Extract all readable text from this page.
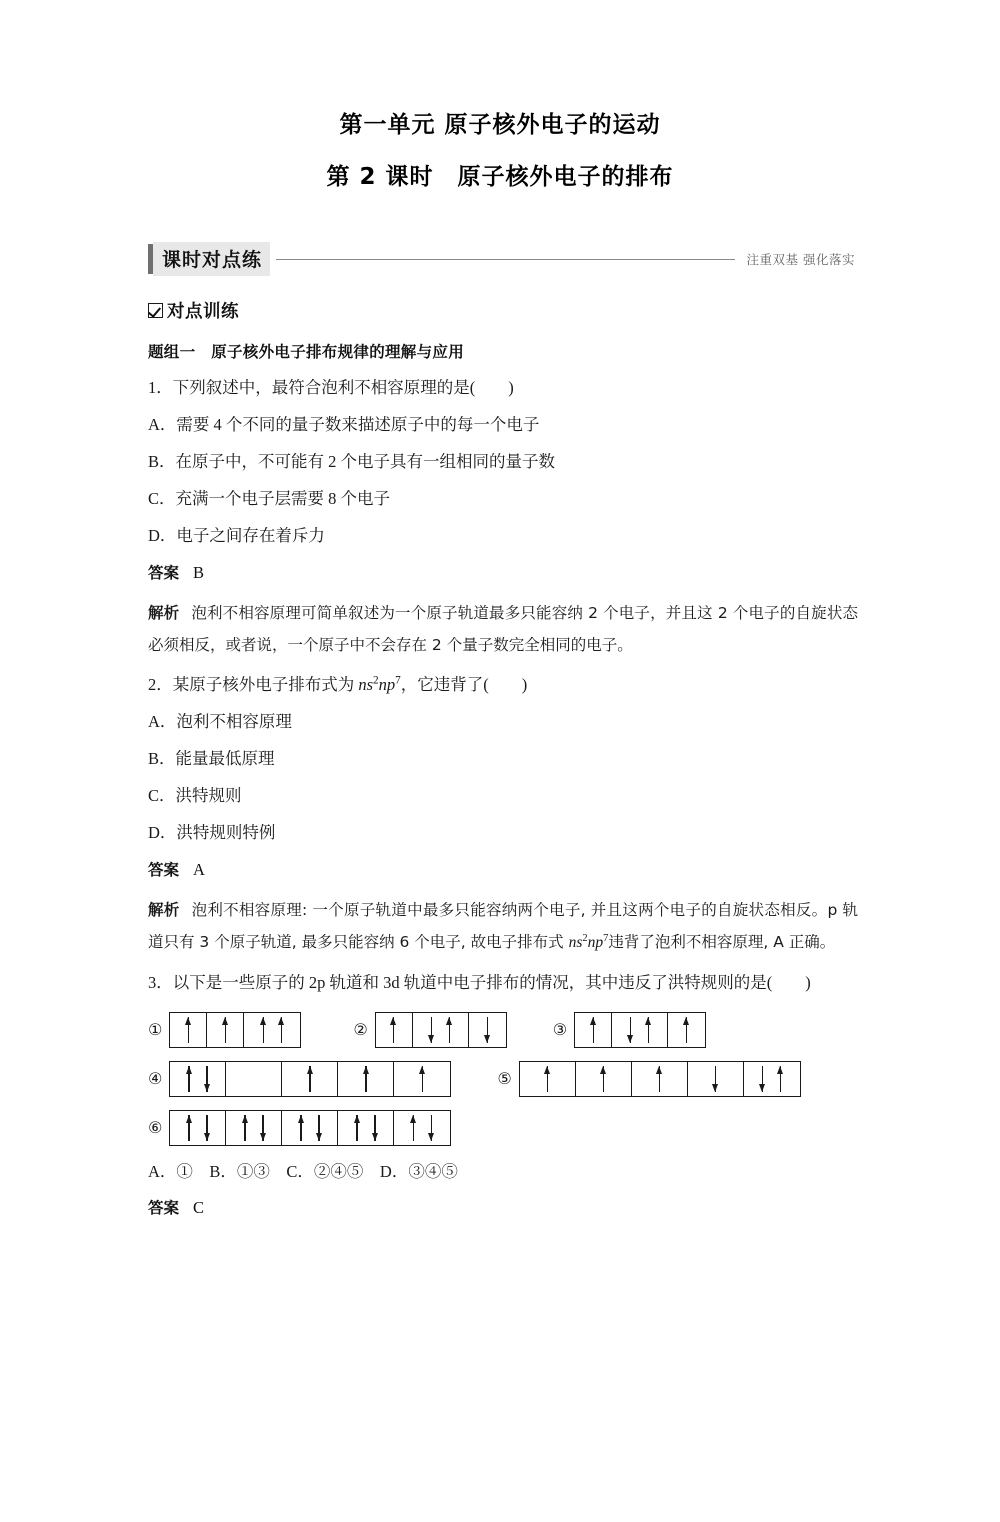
第一单元 原子核外电子的运动
第 2 课时　原子核外电子的排布
课时对点练	注重双基 强化落实
对点训练
题组一　原子核外电子排布规律的理解与应用
1．下列叙述中，最符合泡利不相容原理的是(　　)
A．需要 4 个不同的量子数来描述原子中的每一个电子
B．在原子中，不可能有 2 个电子具有一组相同的量子数
C．充满一个电子层需要 8 个电子
D．电子之间存在着斥力
答案 B
解析 泡利不相容原理可简单叙述为一个原子轨道最多只能容纳 2 个电子，并且这 2 个电子的自旋状态必须相反，或者说，一个原子中不会存在 2 个量子数完全相同的电子。
2．某原子核外电子排布式为 $ns^2np^7$，它违背了(　　)
A．泡利不相容原理
B．能量最低原理
C．洪特规则
D．洪特规则特例
答案 A
解析 泡利不相容原理: 一个原子轨道中最多只能容纳两个电子, 并且这两个电子的自旋状态相反。p 轨道只有 3 个原子轨道, 最多只能容纳 6 个电子, 故电子排布式 $ns^2np^7$违背了泡利不相容原理, A 正确。
3．以下是一些原子的 2p 轨道和 3d 轨道中电子排布的情况，其中违反了洪特规则的是(　　)
①	②	③
④	⑤
⑥
A．①　B．①③　C．②④⑤　D．③④⑤
答案 C
